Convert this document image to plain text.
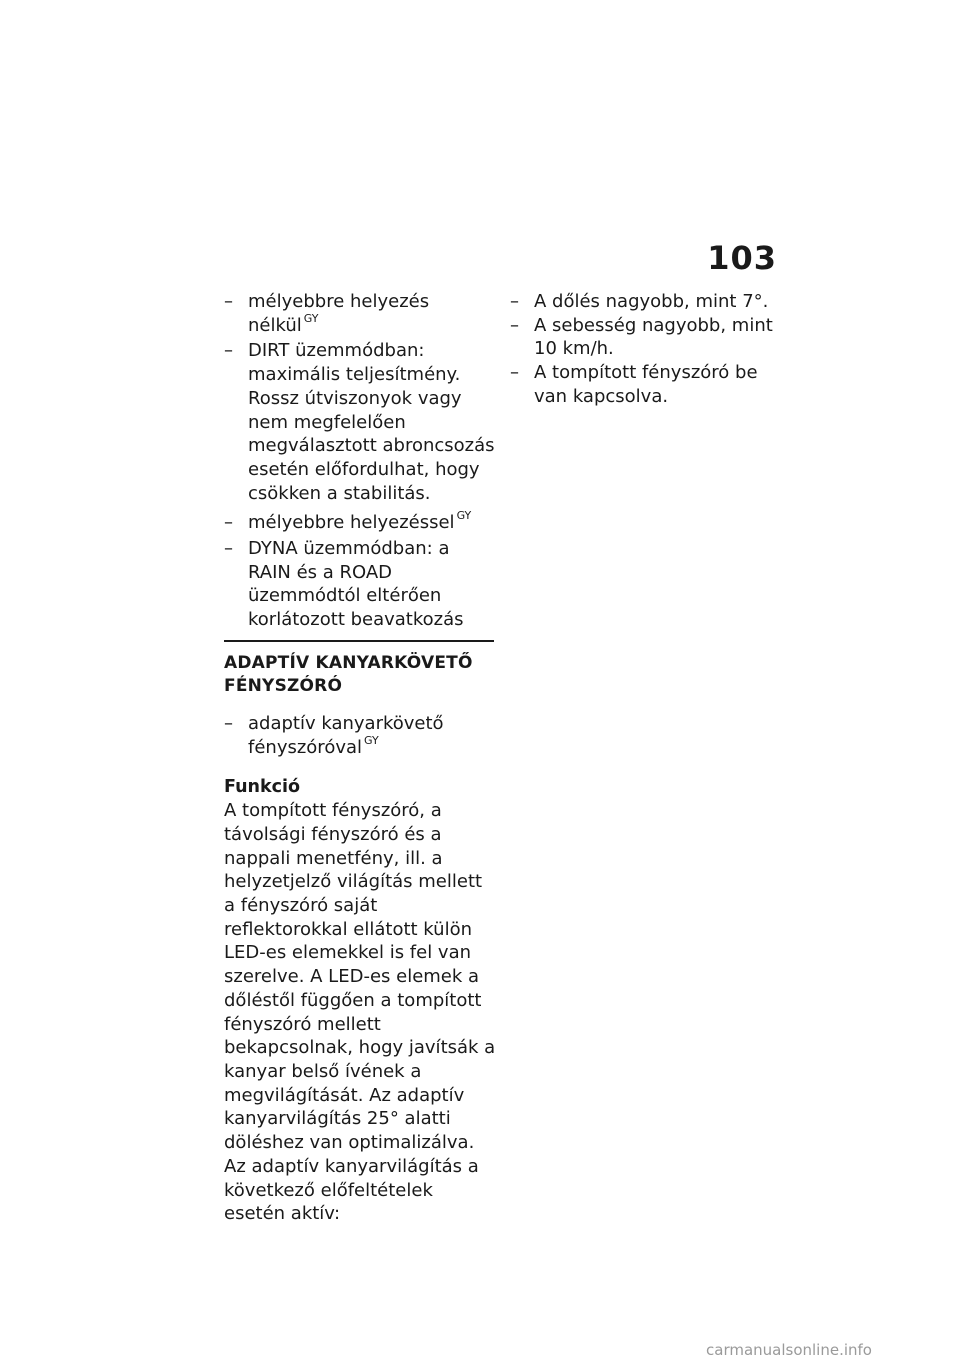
103
– mélyebbre helyezés nélkül $^{GY}$
– DIRT üzemmódban: maximális teljesítmény. Rossz útviszonyok vagy nem megfelelően megválasztott abroncsozás esetén előfordulhat, hogy csökken a stabilitás.
– mélyebbre helyezéssel $^{GY}$
– DYNA üzemmódban: a RAIN és a ROAD üzemmódtól eltérően korlátozott beavatkozás
ADAPTÍV KANYARKÖVETŐ
FÉNYSZÓRÓ
– adaptív kanyarkövető fényszóróval $^{GY}$
Funkció

A tompított fényszóró, a távolsági fényszóró és a nappali menetfény, ill. a helyzetjelző világítás mellett a fényszóró saját reflektorokkal ellátott külön LED-es elemekkel is fel van szerelve. A LED-es elemek a dőléstől függően a tompított fényszóró mellett bekapcsolnak, hogy javítsák a kanyar belső ívének a megvilágítását. Az adaptív kanyarvilágítás 25° alatti döléshez van optimalizálva.

Az adaptív kanyarvilágítás a következő előfeltételek esetén aktív:

– A dőlés nagyobb, mint 7°.
– A sebesség nagyobb, mint 10 km/h.
– A tompított fényszóró be van kapcsolva.
carmanualsonline.info
